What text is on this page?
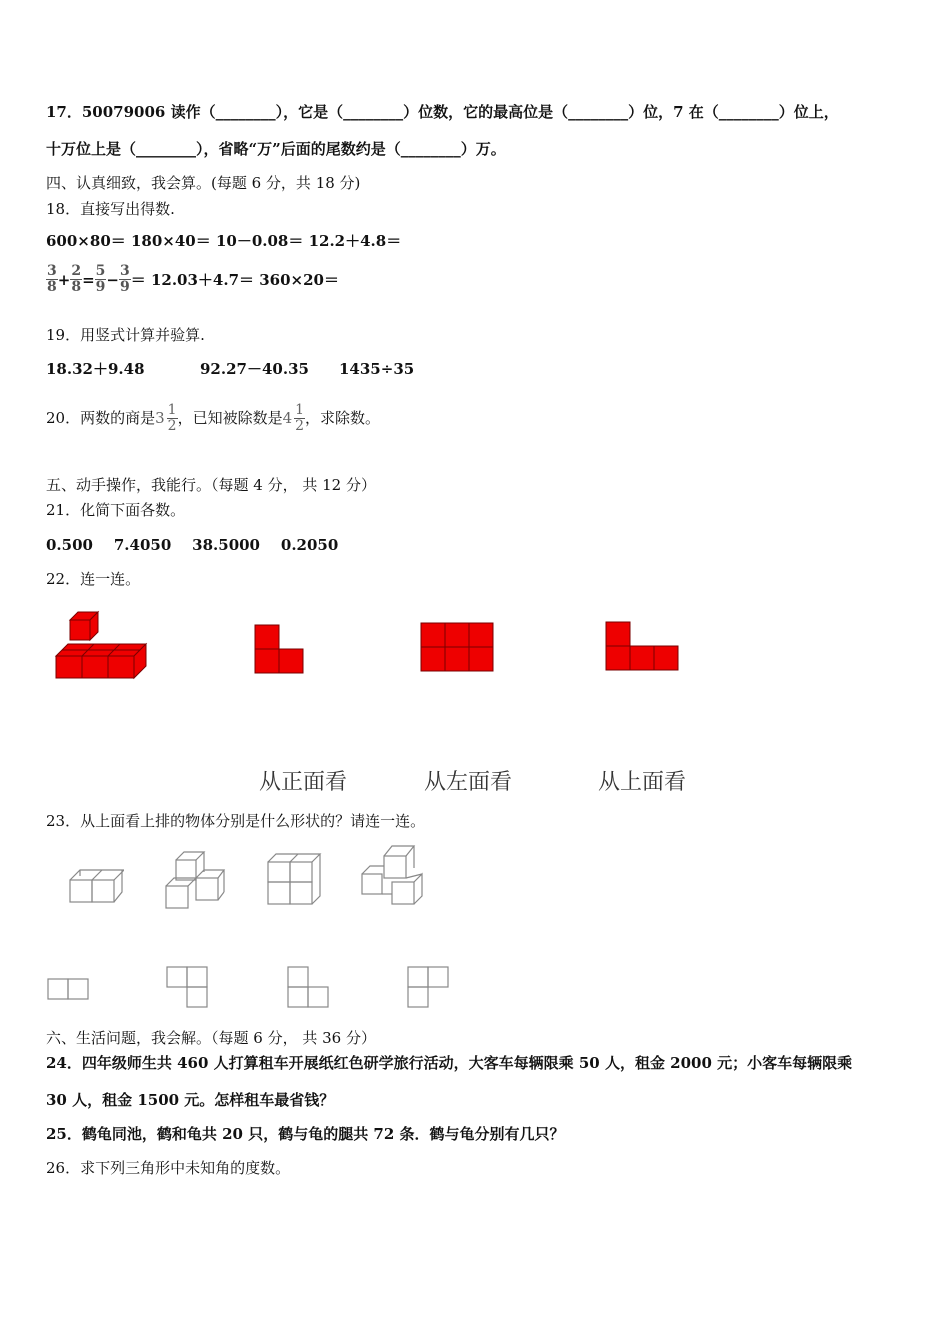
17．50079006 读作（________），它是（________）位数，它的最高位是（________）位，7 在（________）位上，
十万位上是（________），省略“万”后面的尾数约是（________）万。
四、认真细致，我会算。(每题 6 分，共 18 分)
18．直接写出得数.
600×80＝ 180×40＝ 10－0.08＝ 12.2＋4.8＝
$\frac{3}{8} + \frac{2}{8} = \frac{5}{9} - \frac{3}{9} = 12.03+4.7= 360\times 20=$
19．用竖式计算并验算.
18.32＋9.48	92.27－40.35 1435÷35
20．两数的商是 $3 \frac{1}{2}$ ，已知被除数是 $4 \frac{1}{2}$ ，求除数。
五、动手操作，我能行。（每题 4 分， 共 12 分）
21．化简下面各数。
0.500    7.4050    38.5000    0.2050
22．连一连。
从正面看	从左面看	从上面看
23．从上面看上排的物体分别是什么形状的？请连一连。
六、生活问题，我会解。（每题 6 分， 共 36 分）
24．四年级师生共 460 人打算租车开展纸红色研学旅行活动，大客车每辆限乘 50 人，租金 2000 元；小客车每辆限乘
30 人，租金 1500 元。怎样租车最省钱？
25．鹤龟同池，鹤和龟共 20 只，鹤与龟的腿共 72 条．鹤与龟分别有几只？
26．求下列三角形中未知角的度数。
